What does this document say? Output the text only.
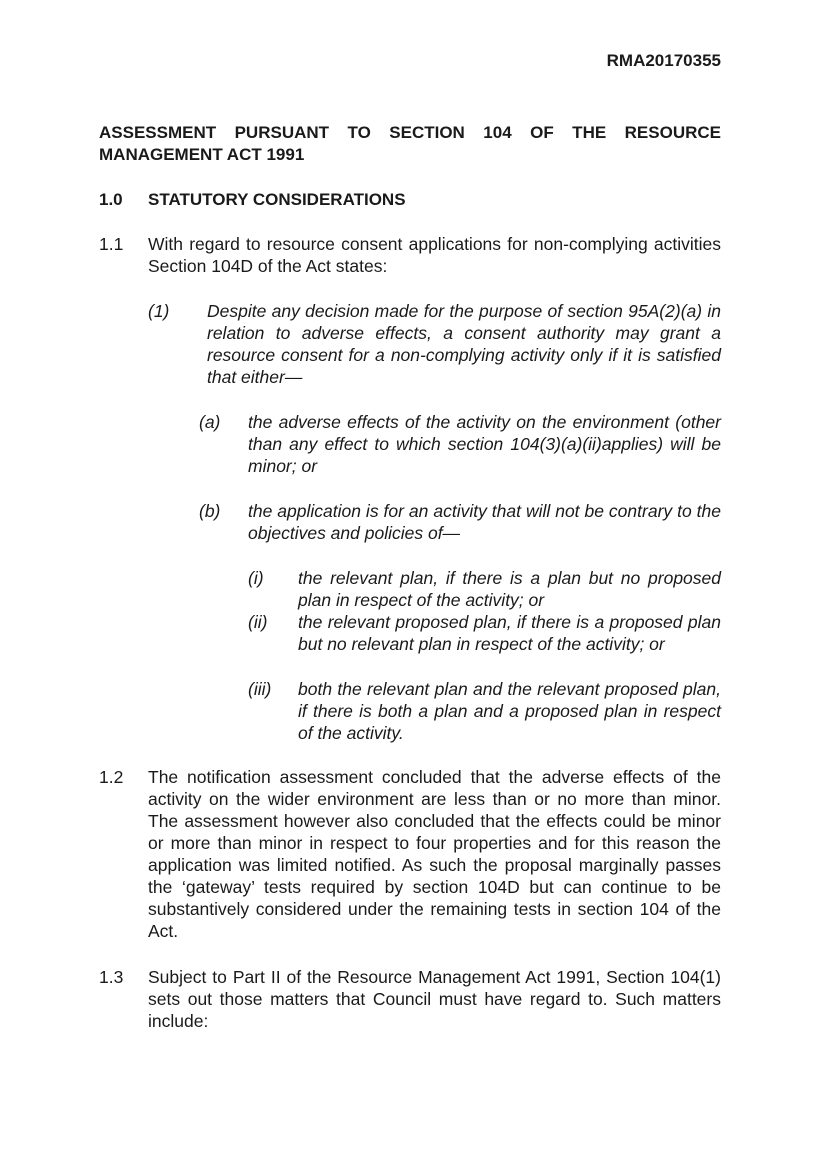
RMA20170355
ASSESSMENT PURSUANT TO SECTION 104 OF THE RESOURCE MANAGEMENT ACT 1991
1.0 STATUTORY CONSIDERATIONS
1.1 With regard to resource consent applications for non-complying activities Section 104D of the Act states:
(1) Despite any decision made for the purpose of section 95A(2)(a) in relation to adverse effects, a consent authority may grant a resource consent for a non-complying activity only if it is satisfied that either—
(a) the adverse effects of the activity on the environment (other than any effect to which section 104(3)(a)(ii)applies) will be minor; or
(b) the application is for an activity that will not be contrary to the objectives and policies of—
(i) the relevant plan, if there is a plan but no proposed plan in respect of the activity; or
(ii) the relevant proposed plan, if there is a proposed plan but no relevant plan in respect of the activity; or
(iii) both the relevant plan and the relevant proposed plan, if there is both a plan and a proposed plan in respect of the activity.
1.2 The notification assessment concluded that the adverse effects of the activity on the wider environment are less than or no more than minor. The assessment however also concluded that the effects could be minor or more than minor in respect to four properties and for this reason the application was limited notified. As such the proposal marginally passes the ‘gateway’ tests required by section 104D but can continue to be substantively considered under the remaining tests in section 104 of the Act.
1.3 Subject to Part II of the Resource Management Act 1991, Section 104(1) sets out those matters that Council must have regard to. Such matters include:
